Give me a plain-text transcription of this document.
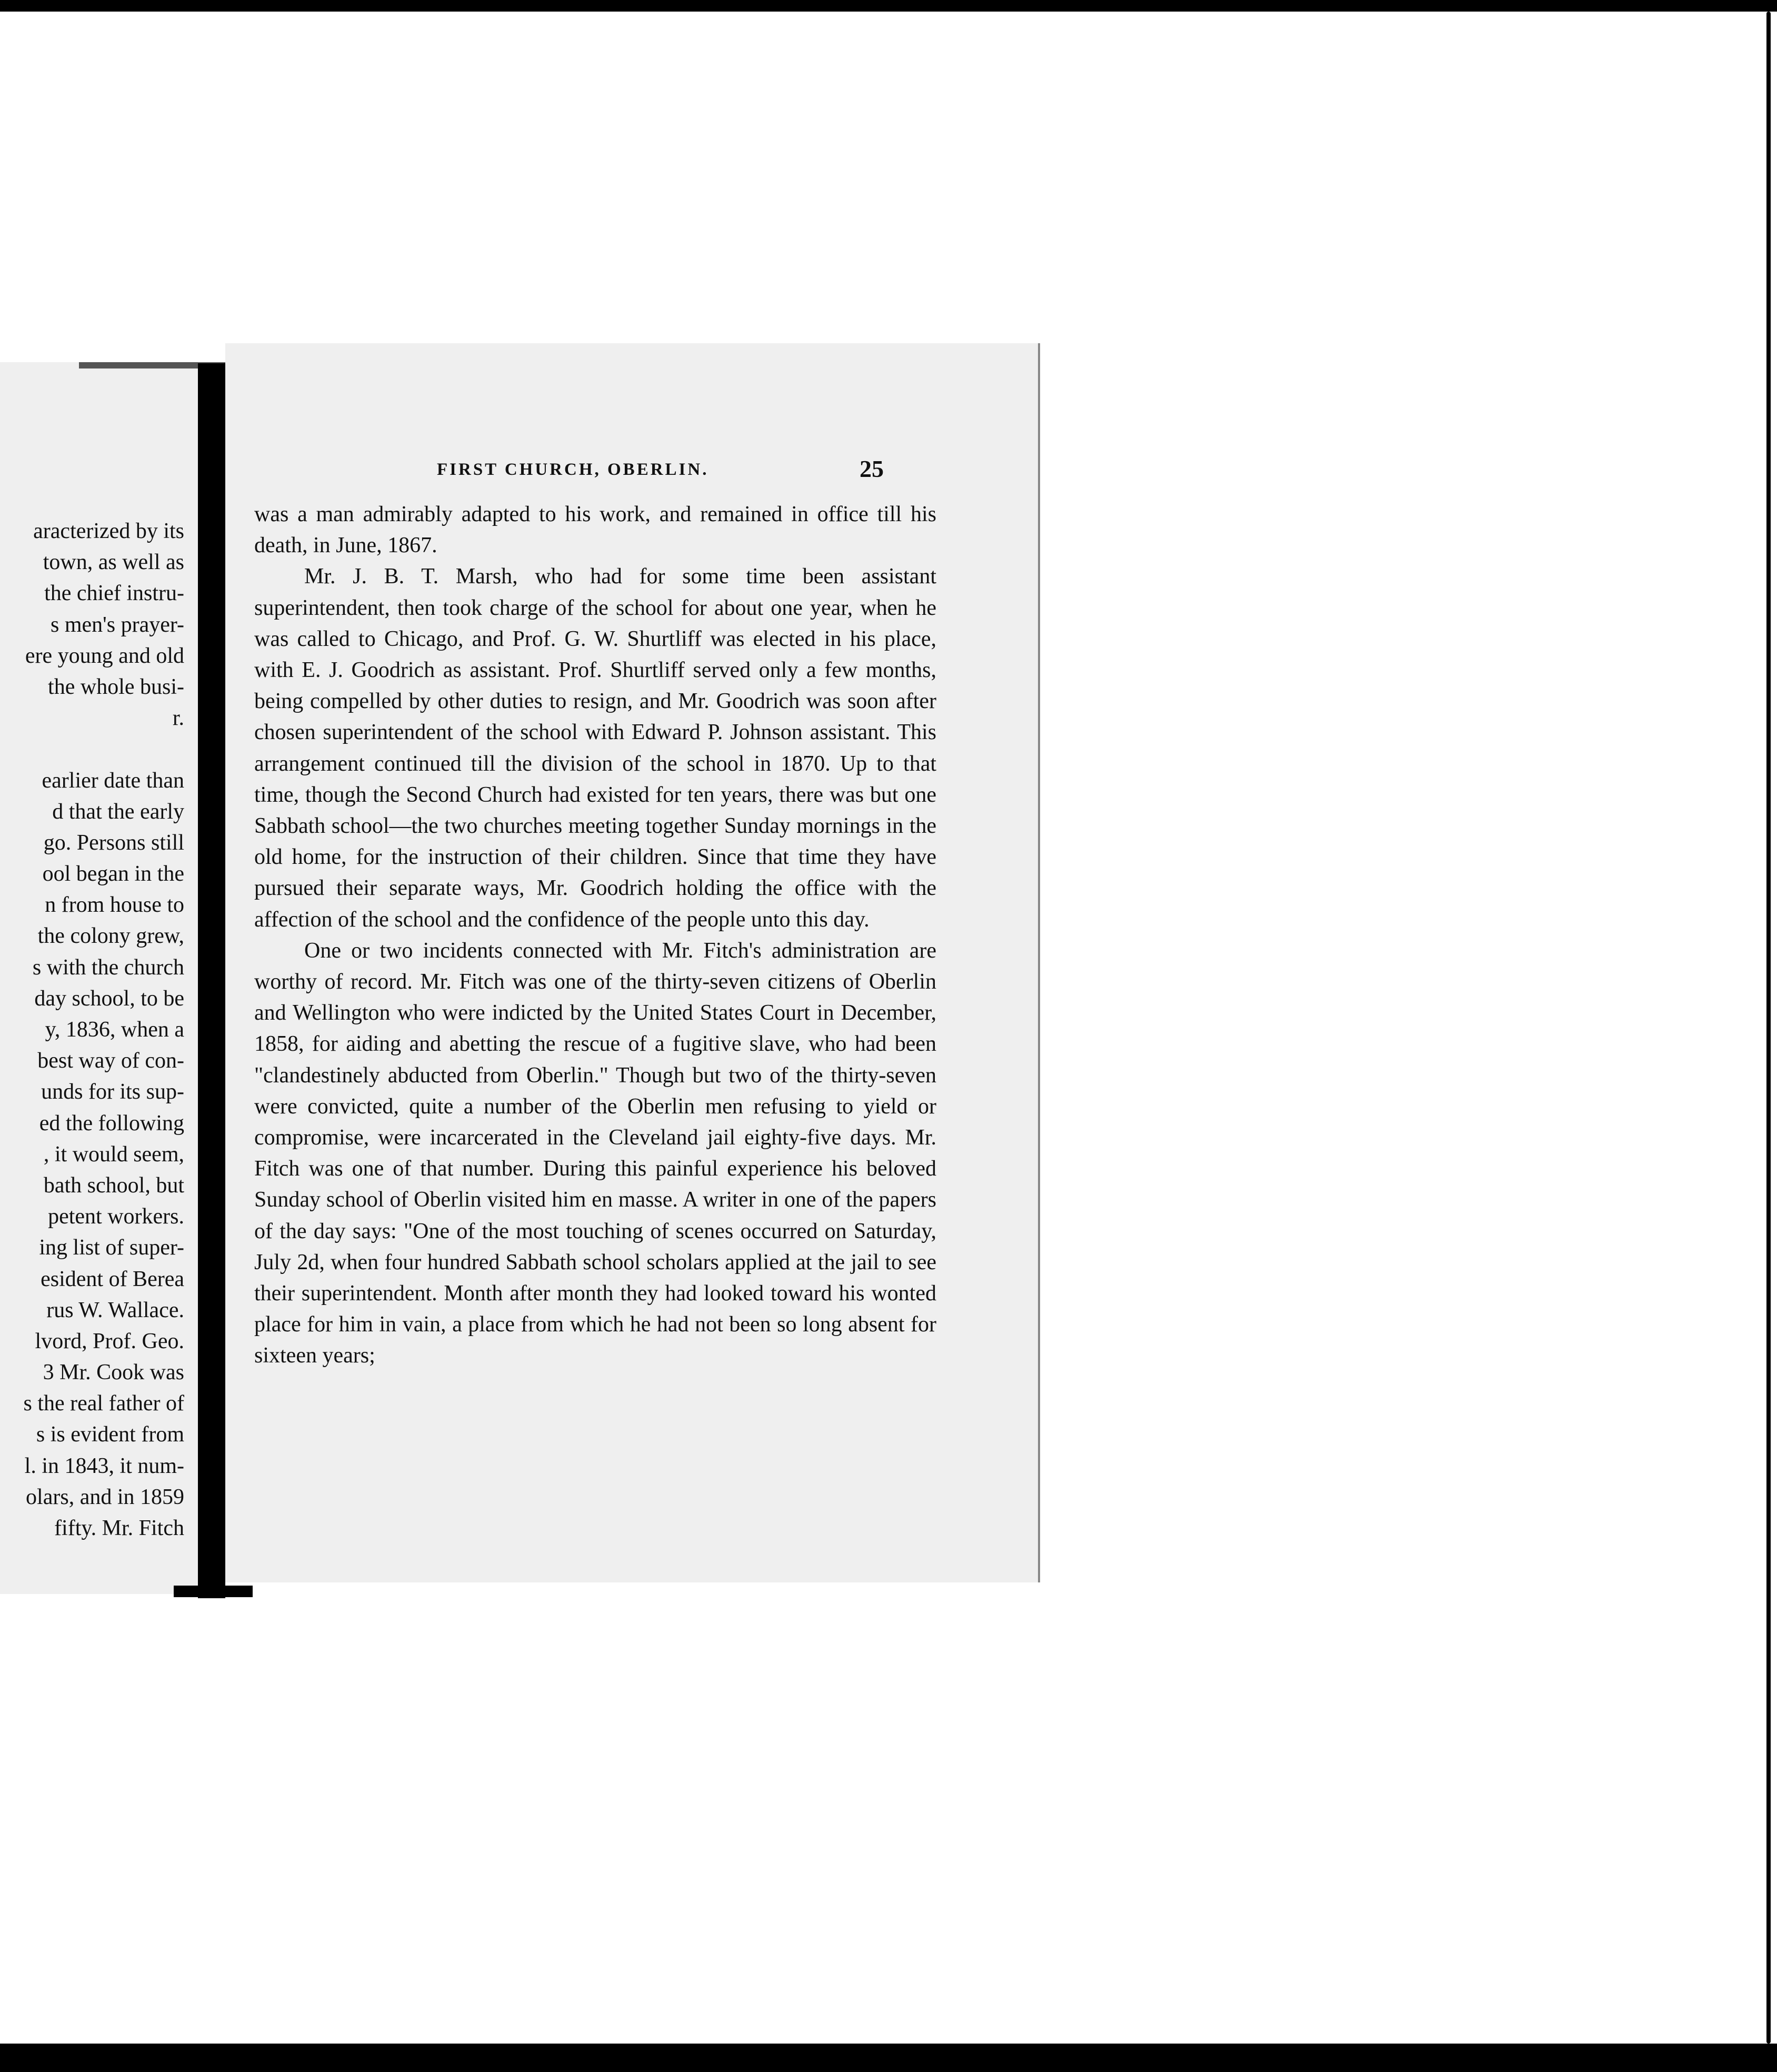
aracterized by its
town, as well as
the chief instru-
s men's prayer-
ere young and old
the whole busi-
r.
earlier date than
d that the early
go. Persons still
ool began in the
n from house to
the colony grew,
s with the church
day school, to be
y, 1836, when a
best way of con-
unds for its sup-
ed the following
, it would seem,
bath school, but
petent workers.
ing list of super-
esident of Berea
rus W. Wallace.
lvord, Prof. Geo.
3 Mr. Cook was
s the real father of
s is evident from
l. in 1843, it num-
olars, and in 1859
fifty. Mr. Fitch
FIRST CHURCH, OBERLIN.	25

was a man admirably adapted to his work, and remained in office till his death, in June, 1867.

Mr. J. B. T. Marsh, who had for some time been assistant superintendent, then took charge of the school for about one year, when he was called to Chicago, and Prof. G. W. Shurtliff was elected in his place, with E. J. Goodrich as assistant. Prof. Shurtliff served only a few months, being compelled by other duties to resign, and Mr. Goodrich was soon after chosen superintendent of the school with Edward P. Johnson assistant. This arrangement continued till the division of the school in 1870. Up to that time, though the Second Church had existed for ten years, there was but one Sabbath school—the two churches meeting together Sunday mornings in the old home, for the instruction of their children. Since that time they have pursued their separate ways, Mr. Goodrich holding the office with the affection of the school and the confidence of the people unto this day.

One or two incidents connected with Mr. Fitch's administration are worthy of record. Mr. Fitch was one of the thirty-seven citizens of Oberlin and Wellington who were indicted by the United States Court in December, 1858, for aiding and abetting the rescue of a fugitive slave, who had been "clandestinely abducted from Oberlin." Though but two of the thirty-seven were convicted, quite a number of the Oberlin men refusing to yield or compromise, were incarcerated in the Cleveland jail eighty-five days. Mr. Fitch was one of that number. During this painful experience his beloved Sunday school of Oberlin visited him en masse. A writer in one of the papers of the day says: "One of the most touching of scenes occurred on Saturday, July 2d, when four hundred Sabbath school scholars applied at the jail to see their superintendent. Month after month they had looked toward his wonted place for him in vain, a place from which he had not been so long absent for sixteen years;
